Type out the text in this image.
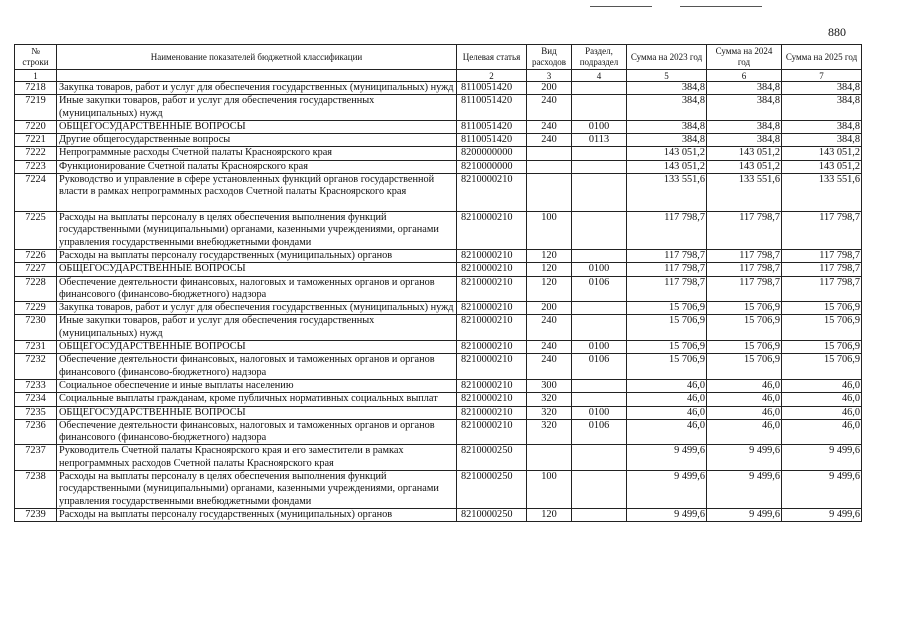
880
№ строки	Наименование показателей бюджетной классификации	Целевая статья	Вид расходов	Раздел, подраздел	Сумма на 2023 год	Сумма на 2024 год	Сумма на 2025 год
1		2	3	4	5	6	7
7218	Закупка товаров, работ и услуг для обеспечения государственных (муниципальных) нужд	8110051420	200		384,8	384,8	384,8
7219	Иные закупки товаров, работ и услуг для обеспечения государственных (муниципальных) нужд	8110051420	240		384,8	384,8	384,8
7220	ОБЩЕГОСУДАРСТВЕННЫЕ ВОПРОСЫ	8110051420	240	0100	384,8	384,8	384,8
7221	Другие общегосударственные вопросы	8110051420	240	0113	384,8	384,8	384,8
7222	Непрограммные расходы Счетной палаты Красноярского края	8200000000			143 051,2	143 051,2	143 051,2
7223	Функционирование Счетной палаты Красноярского края	8210000000			143 051,2	143 051,2	143 051,2
7224	Руководство и управление в сфере установленных функций органов государственной власти в рамках непрограммных расходов Счетной палаты Красноярского края	8210000210			133 551,6	133 551,6	133 551,6
7225	Расходы на выплаты персоналу в целях обеспечения выполнения функций государственными (муниципальными) органами, казенными учреждениями, органами управления государственными внебюджетными фондами	8210000210	100		117 798,7	117 798,7	117 798,7
7226	Расходы на выплаты персоналу государственных (муниципальных) органов	8210000210	120		117 798,7	117 798,7	117 798,7
7227	ОБЩЕГОСУДАРСТВЕННЫЕ ВОПРОСЫ	8210000210	120	0100	117 798,7	117 798,7	117 798,7
7228	Обеспечение деятельности финансовых, налоговых и таможенных органов и органов финансового (финансово-бюджетного) надзора	8210000210	120	0106	117 798,7	117 798,7	117 798,7
7229	Закупка товаров, работ и услуг для обеспечения государственных (муниципальных) нужд	8210000210	200		15 706,9	15 706,9	15 706,9
7230	Иные закупки товаров, работ и услуг для обеспечения государственных (муниципальных) нужд	8210000210	240		15 706,9	15 706,9	15 706,9
7231	ОБЩЕГОСУДАРСТВЕННЫЕ ВОПРОСЫ	8210000210	240	0100	15 706,9	15 706,9	15 706,9
7232	Обеспечение деятельности финансовых, налоговых и таможенных органов и органов финансового (финансово-бюджетного) надзора	8210000210	240	0106	15 706,9	15 706,9	15 706,9
7233	Социальное обеспечение и иные выплаты населению	8210000210	300		46,0	46,0	46,0
7234	Социальные выплаты гражданам, кроме публичных нормативных социальных выплат	8210000210	320		46,0	46,0	46,0
7235	ОБЩЕГОСУДАРСТВЕННЫЕ ВОПРОСЫ	8210000210	320	0100	46,0	46,0	46,0
7236	Обеспечение деятельности финансовых, налоговых и таможенных органов и органов финансового (финансово-бюджетного) надзора	8210000210	320	0106	46,0	46,0	46,0
7237	Руководитель Счетной палаты Красноярского края и его заместители в рамках непрограммных расходов Счетной палаты Красноярского края	8210000250			9 499,6	9 499,6	9 499,6
7238	Расходы на выплаты персоналу в целях обеспечения выполнения функций государственными (муниципальными) органами, казенными учреждениями, органами управления государственными внебюджетными фондами	8210000250	100		9 499,6	9 499,6	9 499,6
7239	Расходы на выплаты персоналу государственных (муниципальных) органов	8210000250	120		9 499,6	9 499,6	9 499,6
